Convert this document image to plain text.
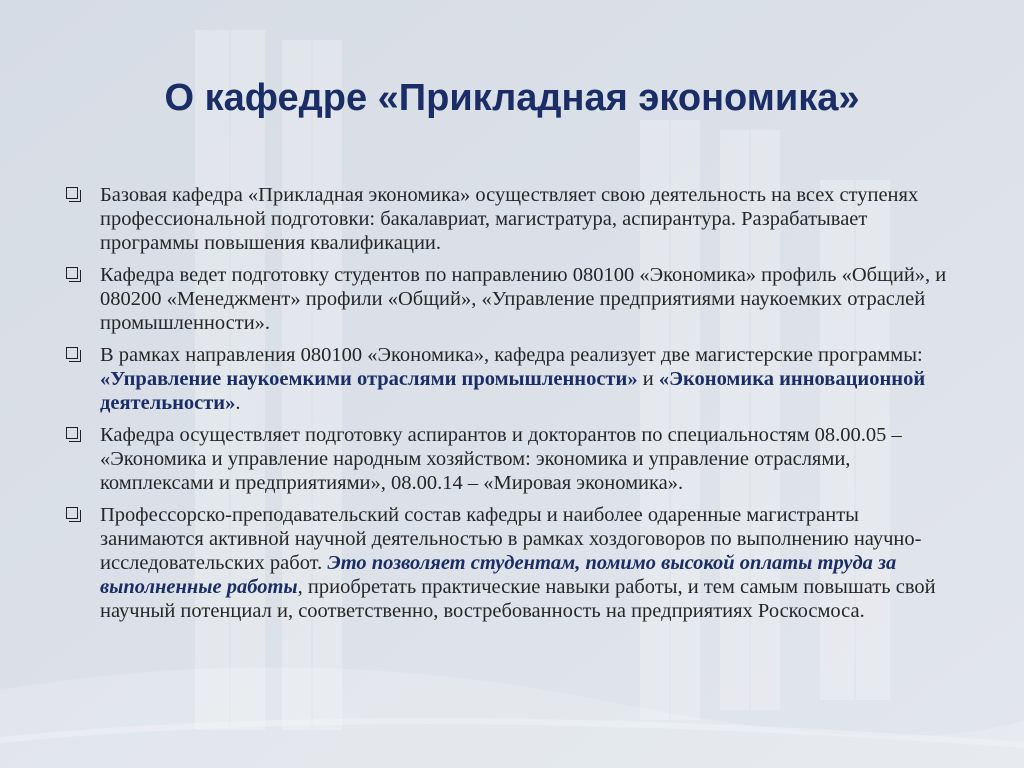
О кафедре «Прикладная экономика»
Базовая кафедра «Прикладная экономика» осуществляет свою деятельность на всех ступенях профессиональной подготовки: бакалавриат, магистратура, аспирантура. Разрабатывает программы повышения квалификации.
Кафедра ведет подготовку студентов по направлению 080100 «Экономика» профиль «Общий», и 080200 «Менеджмент» профили «Общий», «Управление предприятиями наукоемких отраслей промышленности».
В рамках направления 080100 «Экономика», кафедра реализует две магистерские программы: «Управление наукоемкими отраслями промышленности» и «Экономика инновационной деятельности».
Кафедра осуществляет подготовку аспирантов и докторантов по специальностям 08.00.05 – «Экономика и управление народным хозяйством: экономика и управление отраслями, комплексами и предприятиями», 08.00.14 – «Мировая экономика».
Профессорско-преподавательский состав кафедры и наиболее одаренные магистранты занимаются активной научной деятельностью в рамках хоздоговоров по выполнению научно-исследовательских работ. Это позволяет студентам, помимо высокой оплаты труда за выполненные работы, приобретать практические навыки работы, и тем самым повышать свой научный потенциал и, соответственно, востребованность на предприятиях Роскосмоса.
